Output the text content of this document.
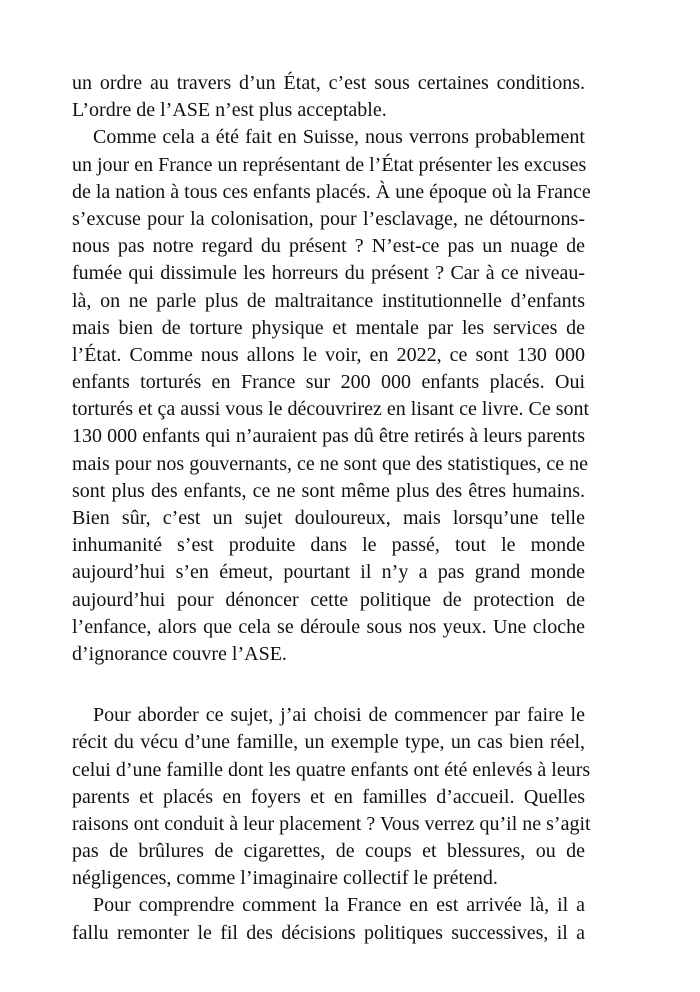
un ordre au travers d’un État, c’est sous certaines conditions.
L’ordre de l’ASE n’est plus acceptable.
Comme cela a été fait en Suisse, nous verrons probablement
un jour en France un représentant de l’État présenter les excuses
de la nation à tous ces enfants placés. À une époque où la France
s’excuse pour la colonisation, pour l’esclavage, ne détournons-
nous pas notre regard du présent ? N’est-ce pas un nuage de
fumée qui dissimule les horreurs du présent ? Car à ce niveau-
là, on ne parle plus de maltraitance institutionnelle d’enfants
mais bien de torture physique et mentale par les services de
l’État. Comme nous allons le voir, en 2022, ce sont 130 000
enfants torturés en France sur 200 000 enfants placés. Oui
torturés et ça aussi vous le découvrirez en lisant ce livre. Ce sont
130 000 enfants qui n’auraient pas dû être retirés à leurs parents
mais pour nos gouvernants, ce ne sont que des statistiques, ce ne
sont plus des enfants, ce ne sont même plus des êtres humains.
Bien sûr, c’est un sujet douloureux, mais lorsqu’une telle
inhumanité s’est produite dans le passé, tout le monde
aujourd’hui s’en émeut, pourtant il n’y a pas grand monde
aujourd’hui pour dénoncer cette politique de protection de
l’enfance, alors que cela se déroule sous nos yeux. Une cloche
d’ignorance couvre l’ASE.
Pour aborder ce sujet, j’ai choisi de commencer par faire le
récit du vécu d’une famille, un exemple type, un cas bien réel,
celui d’une famille dont les quatre enfants ont été enlevés à leurs
parents et placés en foyers et en familles d’accueil. Quelles
raisons ont conduit à leur placement ? Vous verrez qu’il ne s’agit
pas de brûlures de cigarettes, de coups et blessures, ou de
négligences, comme l’imaginaire collectif le prétend.
Pour comprendre comment la France en est arrivée là, il a
fallu remonter le fil des décisions politiques successives, il a
